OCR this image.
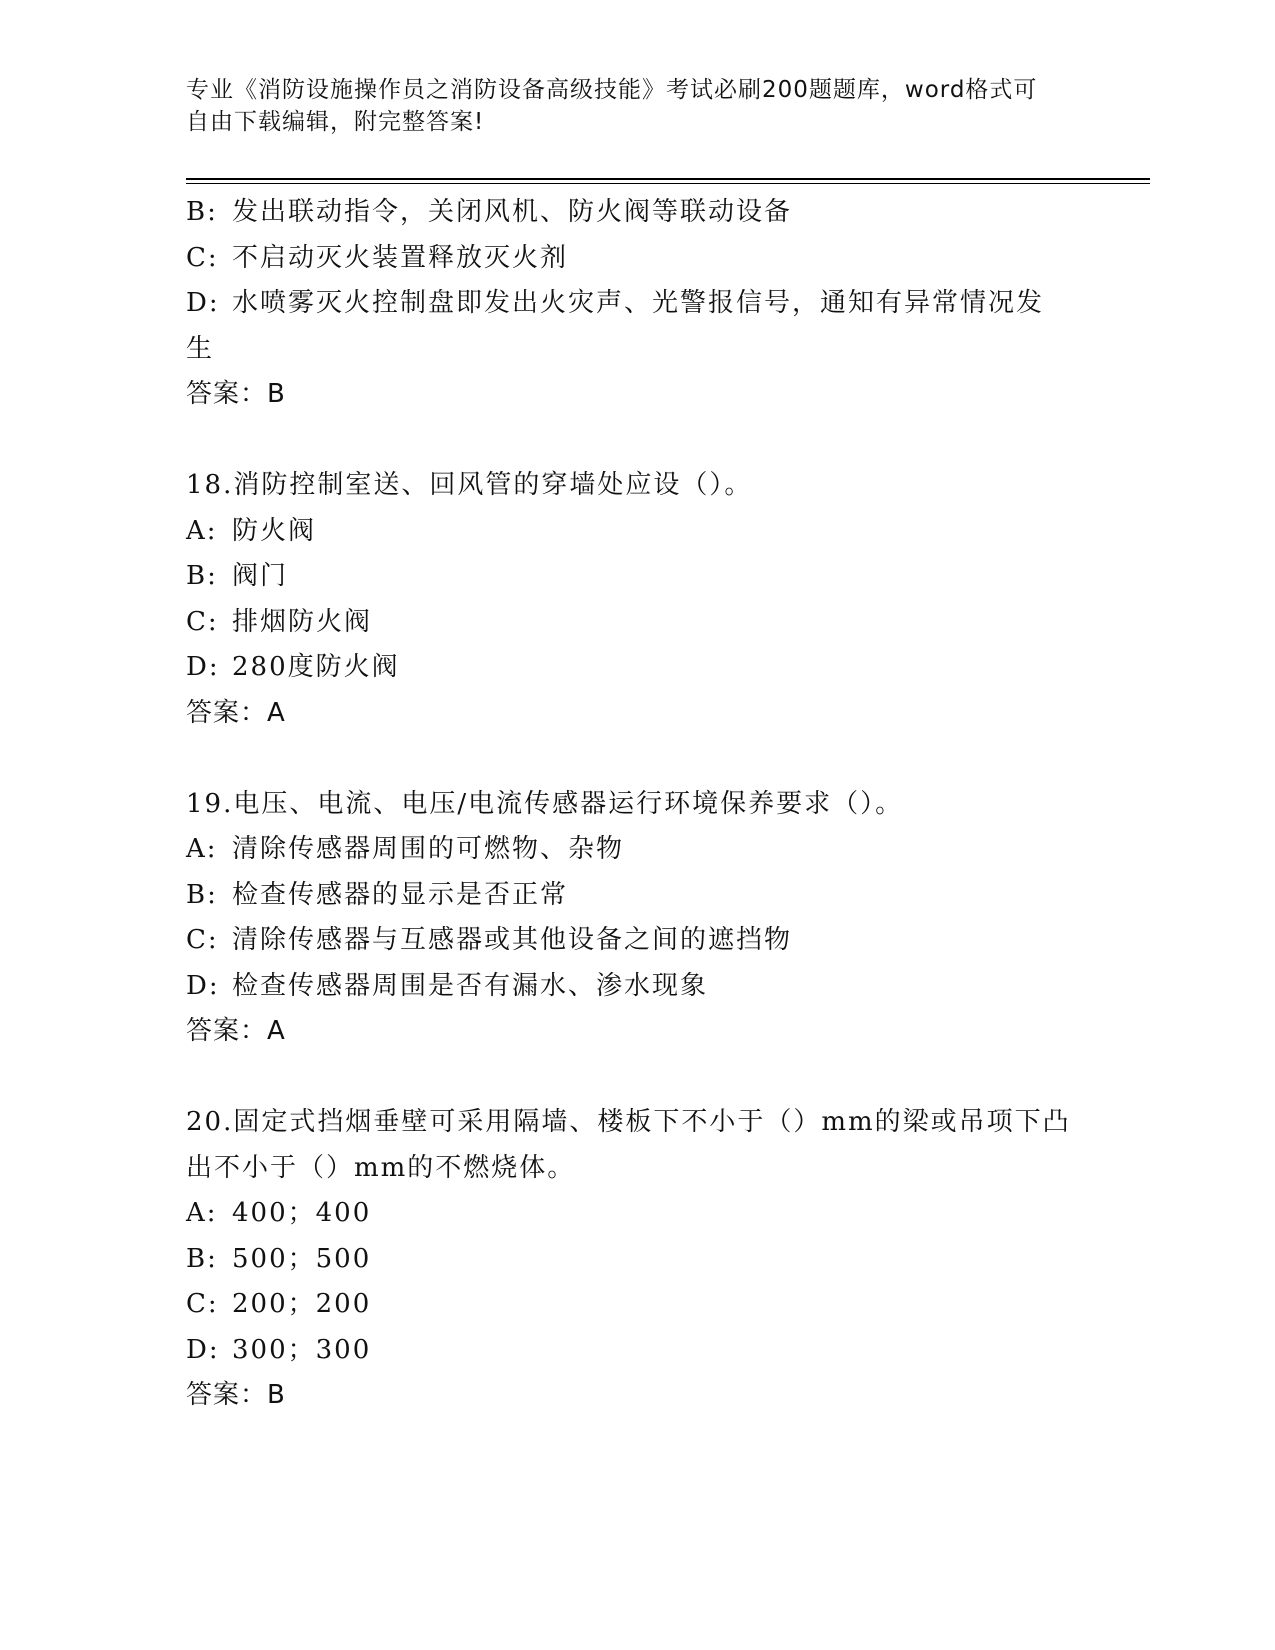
专业《消防设施操作员之消防设备高级技能》考试必刷200题题库，word格式可
自由下载编辑，附完整答案!
B: 发出联动指令，关闭风机、防火阀等联动设备
C: 不启动灭火装置释放灭火剂
D: 水喷雾灭火控制盘即发出火灾声、光警报信号，通知有异常情况发
生
答案：B
18.消防控制室送、回风管的穿墙处应设（）。
A: 防火阀
B: 阀门
C: 排烟防火阀
D: 280度防火阀
答案：A
19.电压、电流、电压/电流传感器运行环境保养要求（）。
A: 清除传感器周围的可燃物、杂物
B: 检查传感器的显示是否正常
C: 清除传感器与互感器或其他设备之间的遮挡物
D: 检查传感器周围是否有漏水、渗水现象
答案：A
20.固定式挡烟垂壁可采用隔墙、楼板下不小于（）mm的梁或吊项下凸
出不小于（）mm的不燃烧体。
A: 400；400
B: 500；500
C: 200；200
D: 300；300
答案：B
